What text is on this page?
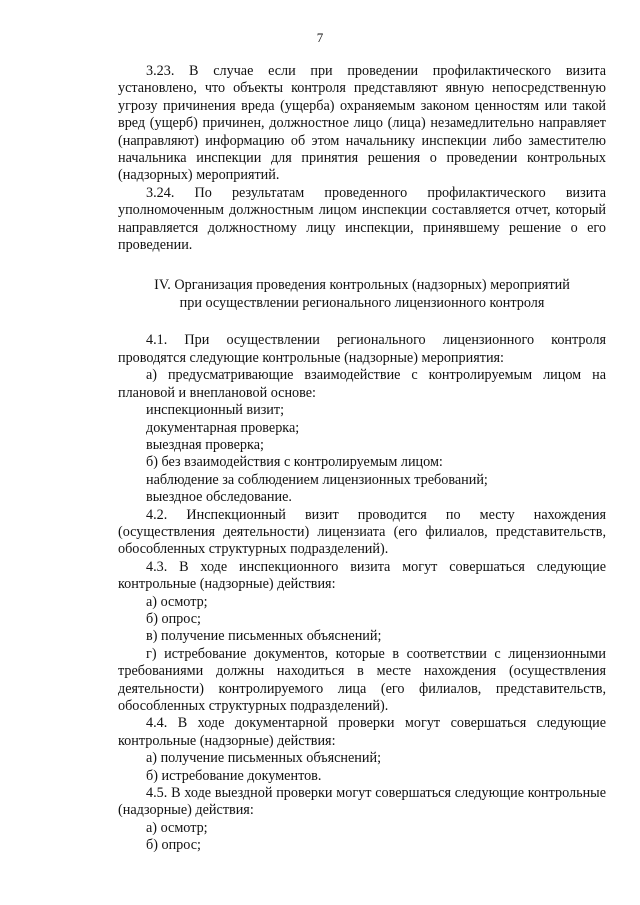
7

3.23. В случае если при проведении профилактического визита установлено, что объекты контроля представляют явную непосредственную угрозу причинения вреда (ущерба) охраняемым законом ценностям или такой вред (ущерб) причинен, должностное лицо (лица) незамедлительно направляет (направляют) информацию об этом начальнику инспекции либо заместителю начальника инспекции для принятия решения о проведении контрольных (надзорных) мероприятий.

3.24. По результатам проведенного профилактического визита уполномоченным должностным лицом инспекции составляется отчет, который направляется должностному лицу инспекции, принявшему решение о его проведении.

IV. Организация проведения контрольных (надзорных) мероприятий
при осуществлении регионального лицензионного контроля

4.1. При осуществлении регионального лицензионного контроля проводятся следующие контрольные (надзорные) мероприятия:

а) предусматривающие взаимодействие с контролируемым лицом на плановой и внеплановой основе:

инспекционный визит;

документарная проверка;

выездная проверка;

б) без взаимодействия с контролируемым лицом:

наблюдение за соблюдением лицензионных требований;

выездное обследование.

4.2. Инспекционный визит проводится по месту нахождения (осуществления деятельности) лицензиата (его филиалов, представительств, обособленных структурных подразделений).

4.3. В ходе инспекционного визита могут совершаться следующие контрольные (надзорные) действия:

а) осмотр;

б) опрос;

в) получение письменных объяснений;

г) истребование документов, которые в соответствии с лицензионными требованиями должны находиться в месте нахождения (осуществления деятельности) контролируемого лица (его филиалов, представительств, обособленных структурных подразделений).

4.4. В ходе документарной проверки могут совершаться следующие контрольные (надзорные) действия:

а) получение письменных объяснений;

б) истребование документов.

4.5. В ходе выездной проверки могут совершаться следующие контрольные (надзорные) действия:

а) осмотр;

б) опрос;
